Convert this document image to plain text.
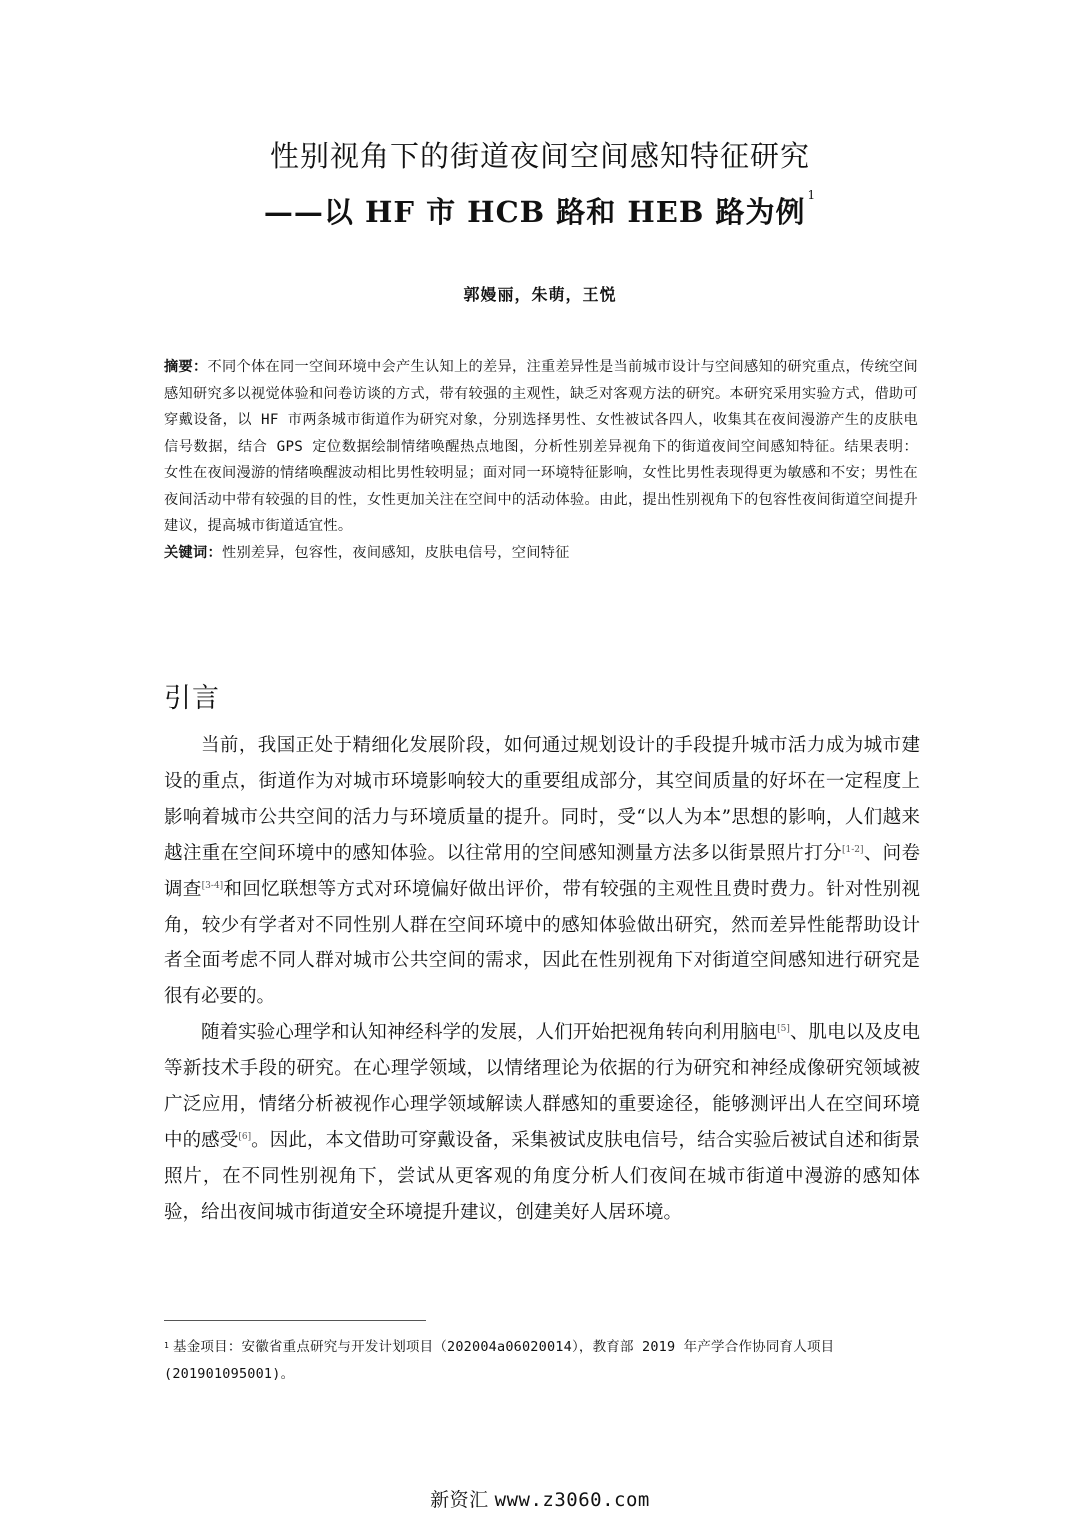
性别视角下的街道夜间空间感知特征研究
——以 HF 市 HCB 路和 HEB 路为例 $^1$
郭嫚丽，朱萌，王悦

摘要：不同个体在同一空间环境中会产生认知上的差异，注重差异性是当前城市设计与空间感知的研究重点，传统空间感知研究多以视觉体验和问卷访谈的方式，带有较强的主观性，缺乏对客观方法的研究。本研究采用实验方式，借助可穿戴设备，以 HF 市两条城市街道作为研究对象，分别选择男性、女性被试各四人，收集其在夜间漫游产生的皮肤电信号数据，结合 GPS 定位数据绘制情绪唤醒热点地图，分析性别差异视角下的街道夜间空间感知特征。结果表明：女性在夜间漫游的情绪唤醒波动相比男性较明显；面对同一环境特征影响，女性比男性表现得更为敏感和不安；男性在夜间活动中带有较强的目的性，女性更加关注在空间中的活动体验。由此，提出性别视角下的包容性夜间街道空间提升建议，提高城市街道适宜性。

关键词：性别差异，包容性，夜间感知，皮肤电信号，空间特征

引言

当前，我国正处于精细化发展阶段，如何通过规划设计的手段提升城市活力成为城市建设的重点，街道作为对城市环境影响较大的重要组成部分，其空间质量的好坏在一定程度上影响着城市公共空间的活力与环境质量的提升。同时，受“以人为本”思想的影响，人们越来越注重在空间环境中的感知体验。以往常用的空间感知测量方法多以街景照片打分[1-2]、问卷调查[3-4]和回忆联想等方式对环境偏好做出评价，带有较强的主观性且费时费力。针对性别视角，较少有学者对不同性别人群在空间环境中的感知体验做出研究，然而差异性能帮助设计者全面考虑不同人群对城市公共空间的需求，因此在性别视角下对街道空间感知进行研究是很有必要的。

随着实验心理学和认知神经科学的发展，人们开始把视角转向利用脑电[5]、肌电以及皮电等新技术手段的研究。在心理学领域，以情绪理论为依据的行为研究和神经成像研究领域被广泛应用，情绪分析被视作心理学领域解读人群感知的重要途径，能够测评出人在空间环境中的感受[6]。因此，本文借助可穿戴设备，采集被试皮肤电信号，结合实验后被试自述和街景照片，在不同性别视角下，尝试从更客观的角度分析人们夜间在城市街道中漫游的感知体验，给出夜间城市街道安全环境提升建议，创建美好人居环境。

$^1$ 基金项目：安徽省重点研究与开发计划项目（202004a06020014），教育部 2019 年产学合作协同育人项目(201901095001)。
新资汇 www.z3060.com
